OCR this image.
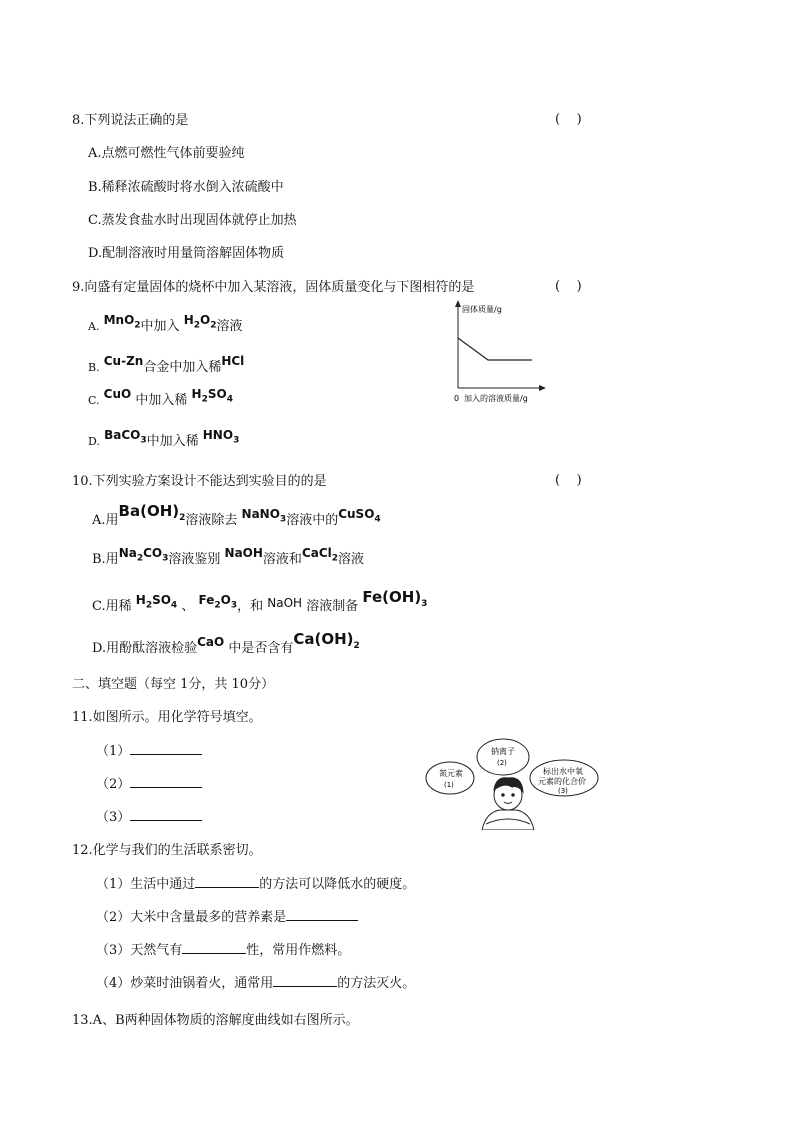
8.下列说法正确的是	(    )
A.点燃可燃性气体前要验纯
B.稀释浓硫酸时将水倒入浓硫酸中
C.蒸发食盐水时出现固体就停止加热
D.配制溶液时用量筒溶解固体物质
9.向盛有定量固体的烧杯中加入某溶液，固体质量变化与下图相符的是	(    )
A. MnO$_2$中加入 $H_2O_2$溶液
B. Cu-Zn合金中加入稀HCl
C. CuO 中加入稀 $H_2SO_4$
D. BaCO$_3$中加入稀 $HNO_3$
固体质量/g
0 加入的溶液质量/g
10.下列实验方案设计不能达到实验目的的是	(    )
A.用$Ba(OH)_2$溶液除去 NaNO$_3$溶液中的CuSO$_4$
B.用$Na_2CO_3$溶液鉴别 NaOH溶液和CaCl$_2$溶液
C.用稀 $H_2SO_4$ 、 $Fe_2O_3$，和 NaOH 溶液制备 $Fe(OH)_3$
D.用酚酞溶液检验CaO 中是否含有$Ca(OH)_2$
二、填空题（每空 1分，共 10分）
11.如图所示。用化学符号填空。
（1）
（2）
（3）
钠离子
(2)
氮元素
(1)
标出水中氧
元素的化合价
(3)
12.化学与我们的生活联系密切。
（1）生活中通过	的方法可以降低水的硬度。
（2）大米中含量最多的营养素是
（3）天然气有	性，常用作燃料。
（4）炒菜时油锅着火，通常用	的方法灭火。
13.A、B两种固体物质的溶解度曲线如右图所示。
